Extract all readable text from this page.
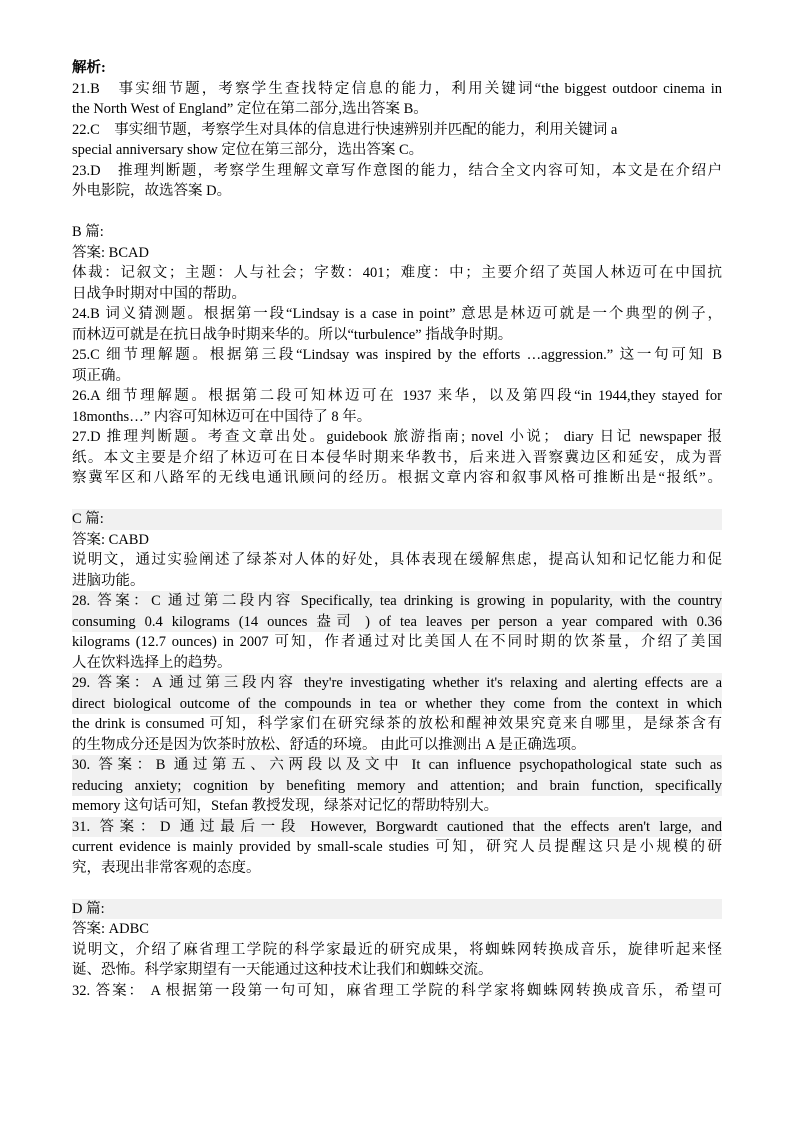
解析:
21.B　事实细节题，考察学生查找特定信息的能力，利用关键词“the biggest outdoor cinema in
the North West of England” 定位在第二部分,选出答案 B。
22.C　事实细节题，考察学生对具体的信息进行快速辨别并匹配的能力，利用关键词 a
special anniversary show 定位在第三部分，选出答案 C。
23.D　推理判断题，考察学生理解文章写作意图的能力，结合全文内容可知，本文是在介绍户
外电影院，故选答案 D。
B 篇:
答案: BCAD
体裁：记叙文；主题：人与社会；字数：401；难度：中；主要介绍了英国人林迈可在中国抗
日战争时期对中国的帮助。
24.B 词义猜测题。根据第一段“Lindsay is a case in point” 意思是林迈可就是一个典型的例子，
而林迈可就是在抗日战争时期来华的。所以“turbulence” 指战争时期。
25.C 细节理解题。根据第三段“Lindsay was inspired by the efforts …aggression.” 这一句可知 B
项正确。
26.A 细节理解题。根据第二段可知林迈可在 1937 来华，以及第四段“in 1944,they stayed for
18months…” 内容可知林迈可在中国待了 8 年。
27.D 推理判断题。考查文章出处。guidebook 旅游指南; novel 小说； diary 日记 newspaper 报
纸。本文主要是介绍了林迈可在日本侵华时期来华教书，后来进入晋察冀边区和延安，成为晋
察冀军区和八路军的无线电通讯顾问的经历。根据文章内容和叙事风格可推断出是“报纸”。
C 篇:
答案: CABD
说明文，通过实验阐述了绿茶对人体的好处，具体表现在缓解焦虑，提高认知和记忆能力和促
进脑功能。
28. 答案：C 通过第二段内容 Specifically, tea drinking is growing in popularity, with the country
consuming 0.4 kilograms (14 ounces 盎司 ) of tea leaves per person a year compared with 0.36
kilograms (12.7 ounces) in 2007 可知，作者通过对比美国人在不同时期的饮茶量，介绍了美国
人在饮料选择上的趋势。
29. 答案：A 通过第三段内容 they're investigating whether it's relaxing and alerting effects are a
direct biological outcome of the compounds in tea or whether they come from the context in which
the drink is consumed 可知，科学家们在研究绿茶的放松和醒神效果究竟来自哪里，是绿茶含有
的生物成分还是因为饮茶时放松、舒适的环境。 由此可以推测出 A 是正确选项。
30. 答案：B 通过第五、六两段以及文中 It can influence psychopathological state such as
reducing anxiety; cognition by benefiting memory and attention; and brain function, specifically
memory 这句话可知，Stefan 教授发现，绿茶对记忆的帮助特别大。
31. 答案：D 通过最后一段 However, Borgwardt cautioned that the effects aren't large, and
current evidence is mainly provided by small-scale studies 可知，研究人员提醒这只是小规模的研
究，表现出非常客观的态度。
D 篇:
答案: ADBC
说明文，介绍了麻省理工学院的科学家最近的研究成果，将蜘蛛网转换成音乐，旋律听起来怪
诞、恐怖。科学家期望有一天能通过这种技术让我们和蜘蛛交流。
32. 答案： A 根据第一段第一句可知，麻省理工学院的科学家将蜘蛛网转换成音乐，希望可
